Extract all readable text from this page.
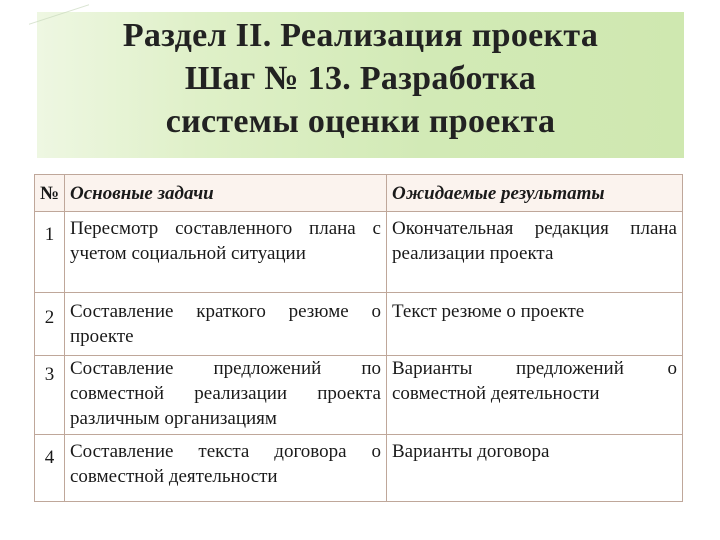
Раздел II. Реализация проекта
Шаг № 13. Разработка
системы оценки проекта
№	Основные задачи	Ожидаемые результаты
1	Пересмотр составленного плана с учетом социальной ситуации	Окончательная редакция плана реализации проекта
2	Составление краткого резюме о проекте	Текст резюме о проекте
3	Составление предложений по совместной реализации проекта различным организациям	Варианты предложений о совместной деятельности
4	Составление текста договора о совместной деятельности	Варианты договора
